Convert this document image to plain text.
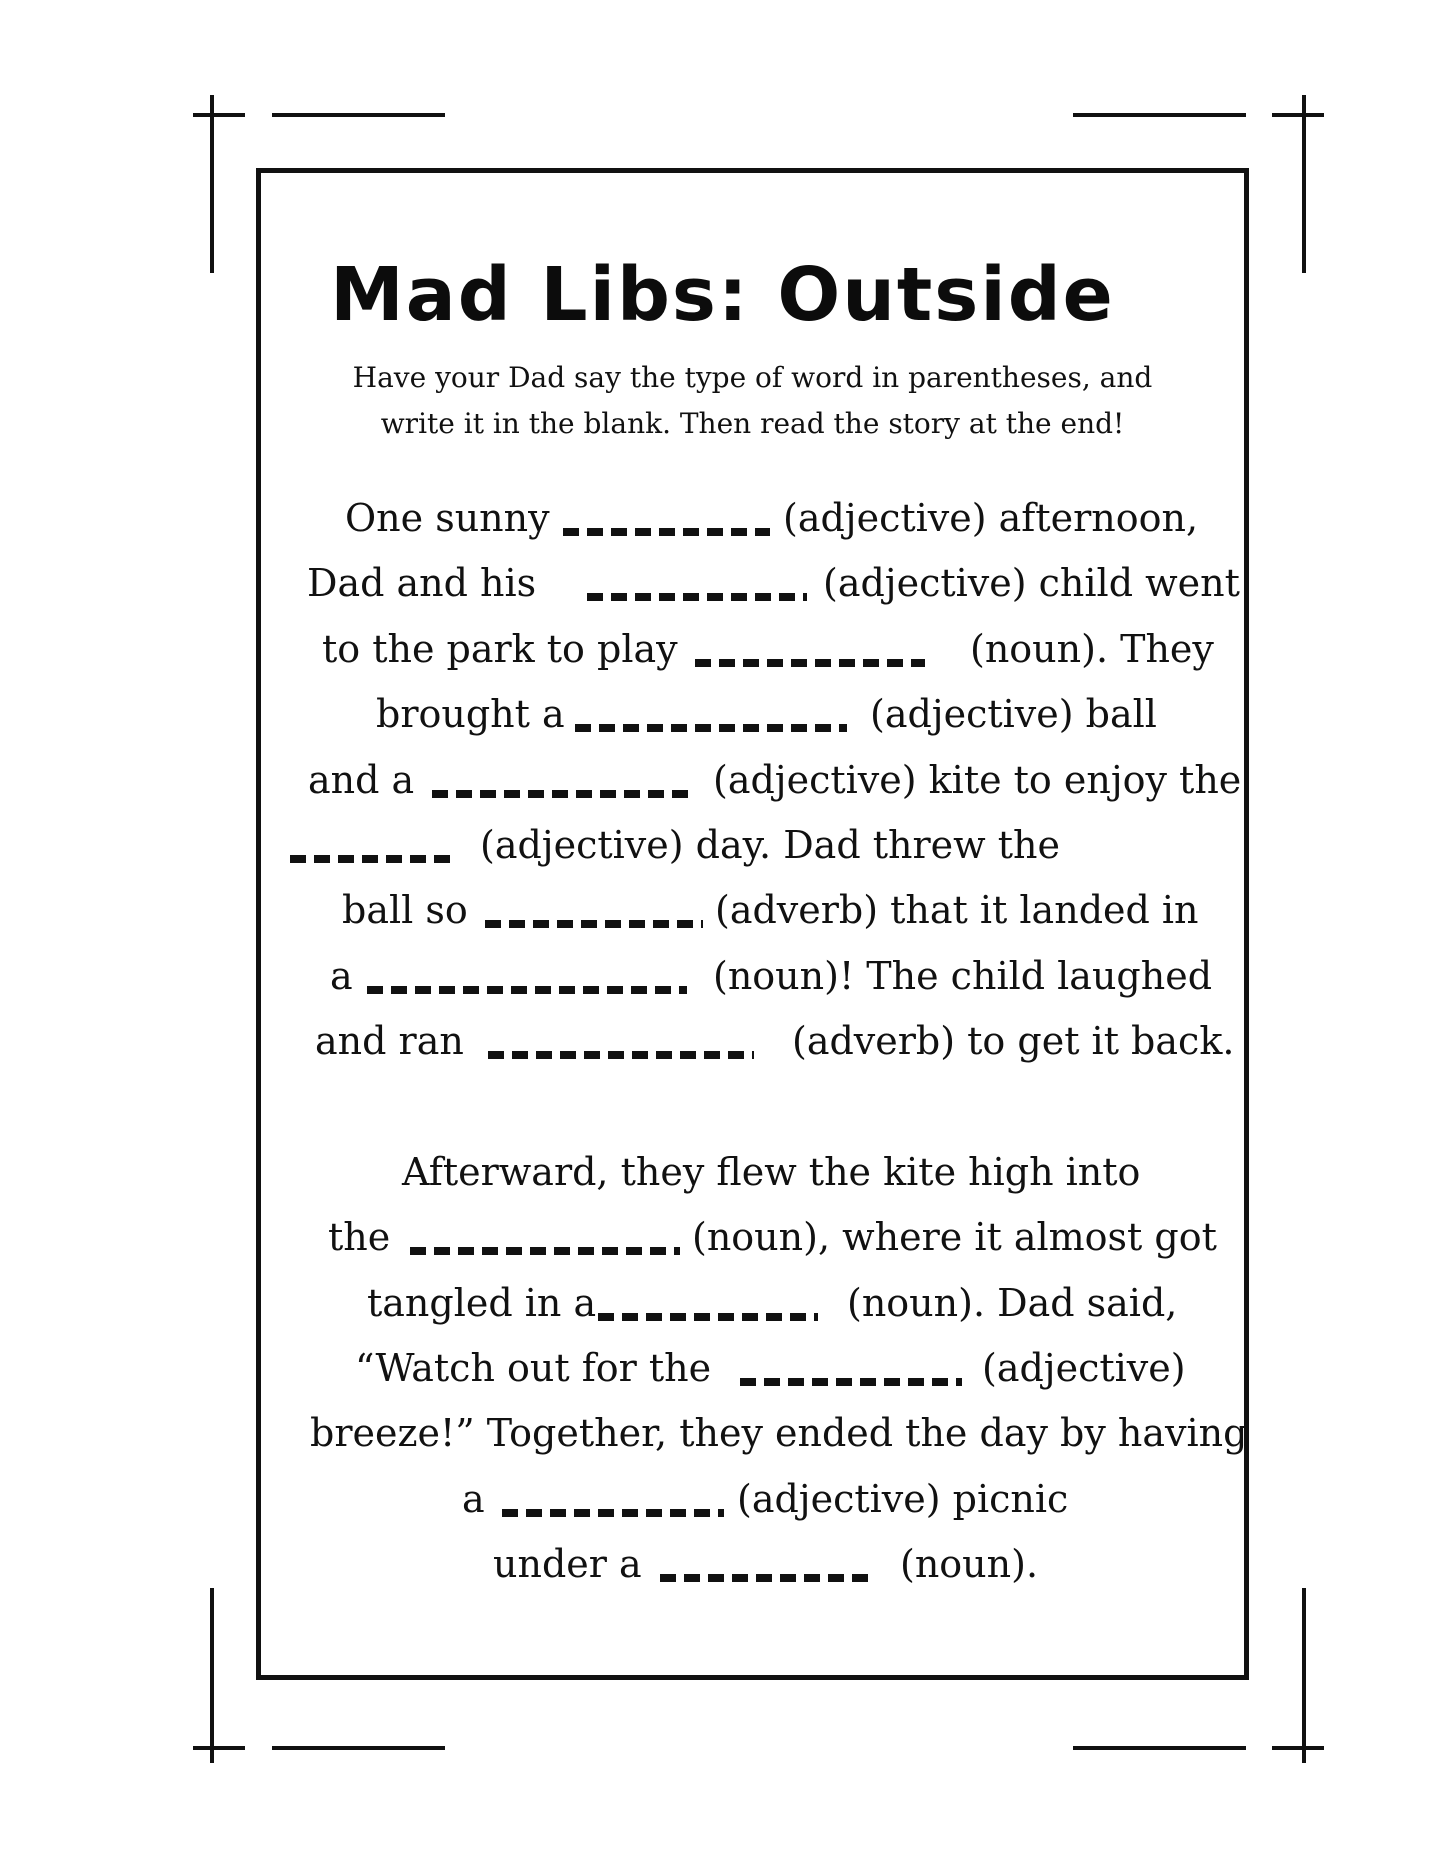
Mad Libs: Outside

Have your Dad say the type of word in parentheses, and
write it in the blank. Then read the story at the end!

One sunny	(adjective) afternoon,
Dad and his	(adjective) child went
to the park to play	(noun). They
brought a	(adjective) ball
and a	(adjective) kite to enjoy the
(adjective) day. Dad threw the
ball so	(adverb) that it landed in
a	(noun)! The child laughed
and ran	(adverb) to get it back.
Afterward, they flew the kite high into
the	(noun), where it almost got
tangled in a	(noun). Dad said,
“Watch out for the	(adjective)
breeze!” Together, they ended the day by having
a	(adjective) picnic
under a	(noun).
